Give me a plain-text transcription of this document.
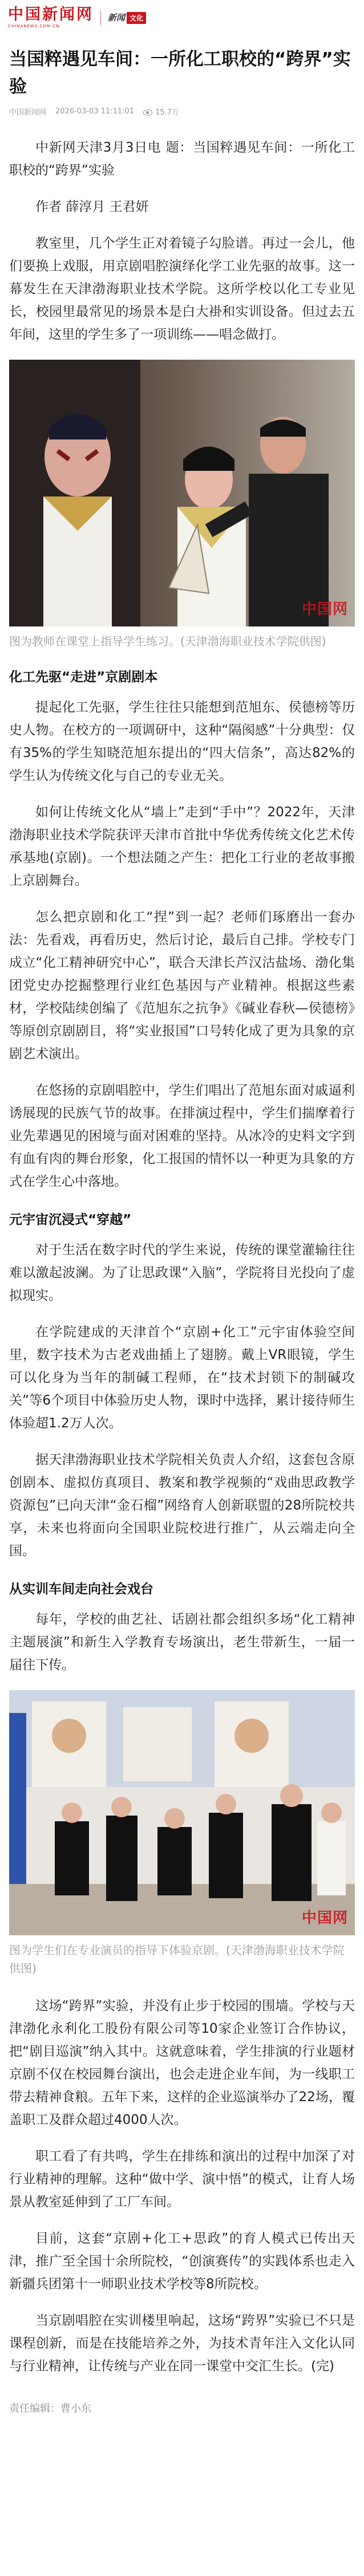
中国新闻网
CHINANEWS.COM.CN
新闻 文化
当国粹遇见车间：一所化工职校的“跨界”实验
中国新闻网 2026-03-03 11:11:01	15.7万

中新网天津3月3日电 题：当国粹遇见车间：一所化工职校的“跨界”实验

作者 薛淳月 王君妍

教室里，几个学生正对着镜子勾脸谱。再过一会儿，他们要换上戏服，用京剧唱腔演绎化学工业先驱的故事。这一幕发生在天津渤海职业技术学院。这所学校以化工专业见长，校园里最常见的场景本是白大褂和实训设备。但过去五年间，这里的学生多了一项训练——唱念做打。

中国网
图为教师在课堂上指导学生练习。(天津渤海职业技术学院供图)
化工先驱“走进”京剧剧本

提起化工先驱，学生往往只能想到范旭东、侯德榜等历史人物。在校方的一项调研中，这种“隔阂感”十分典型：仅有35%的学生知晓范旭东提出的“四大信条”，高达82%的学生认为传统文化与自己的专业无关。

如何让传统文化从“墙上”走到“手中”？2022年，天津渤海职业技术学院获评天津市首批中华优秀传统文化艺术传承基地(京剧)。一个想法随之产生：把化工行业的老故事搬上京剧舞台。

怎么把京剧和化工“捏”到一起？老师们琢磨出一套办法：先看戏，再看历史，然后讨论，最后自己排。学校专门成立“化工精神研究中心”，联合天津长芦汉沽盐场、渤化集团党史办挖掘整理行业红色基因与产业精神。根据这些素材，学校陆续创编了《范旭东之抗争》《碱业春秋—侯德榜》等原创京剧剧目，将“实业报国”口号转化成了更为具象的京剧艺术演出。

在悠扬的京剧唱腔中，学生们唱出了范旭东面对戚逼利诱展现的民族气节的故事。在排演过程中，学生们揣摩着行业先辈遇见的困境与面对困难的坚持。从冰冷的史料文字到有血有肉的舞台形象，化工报国的情怀以一种更为具象的方式在学生心中落地。

元宇宙沉浸式“穿越”

对于生活在数字时代的学生来说，传统的课堂灌输往往难以激起波澜。为了让思政课“入脑”，学院将目光投向了虚拟现实。

在学院建成的天津首个“京剧+化工”元宇宙体验空间里，数字技术为古老戏曲插上了翅膀。戴上VR眼镜，学生可以化身为当年的制碱工程师，在“技术封锁下的制碱攻关”等6个项目中体验历史人物，课时中选择，累计接待师生体验超1.2万人次。

据天津渤海职业技术学院相关负责人介绍，这套包含原创剧本、虚拟仿真项目、教案和教学视频的“戏曲思政教学资源包”已向天津“金石榴”网络育人创新联盟的28所院校共享，未来也将面向全国职业院校进行推广，从云端走向全国。

从实训车间走向社会戏台

每年，学校的曲艺社、话剧社都会组织多场“化工精神主题展演”和新生入学教育专场演出，老生带新生，一届一届往下传。

中国网
图为学生们在专业演员的指导下体验京剧。(天津渤海职业技术学院供图)

这场“跨界”实验，并没有止步于校园的围墙。学校与天津渤化永利化工股份有限公司等10家企业签订合作协议，把“剧目巡演”纳入其中。这就意味着，学生排演的行业题材京剧不仅在校园舞台演出，也会走进企业车间，为一线职工带去精神食粮。五年下来，这样的企业巡演举办了22场，覆盖职工及群众超过4000人次。

职工看了有共鸣，学生在排练和演出的过程中加深了对行业精神的理解。这种“做中学、演中悟”的模式，让育人场景从教室延伸到了工厂车间。

目前，这套“京剧+化工+思政”的育人模式已传出天津，推广至全国十余所院校，“创演赛传”的实践体系也走入新疆兵团第十一师职业技术学校等8所院校。

当京剧唱腔在实训楼里响起，这场“跨界”实验已不只是课程创新，而是在技能培养之外，为技术青年注入文化认同与行业精神，让传统与产业在同一课堂中交汇生长。(完)

责任编辑：曹小东
